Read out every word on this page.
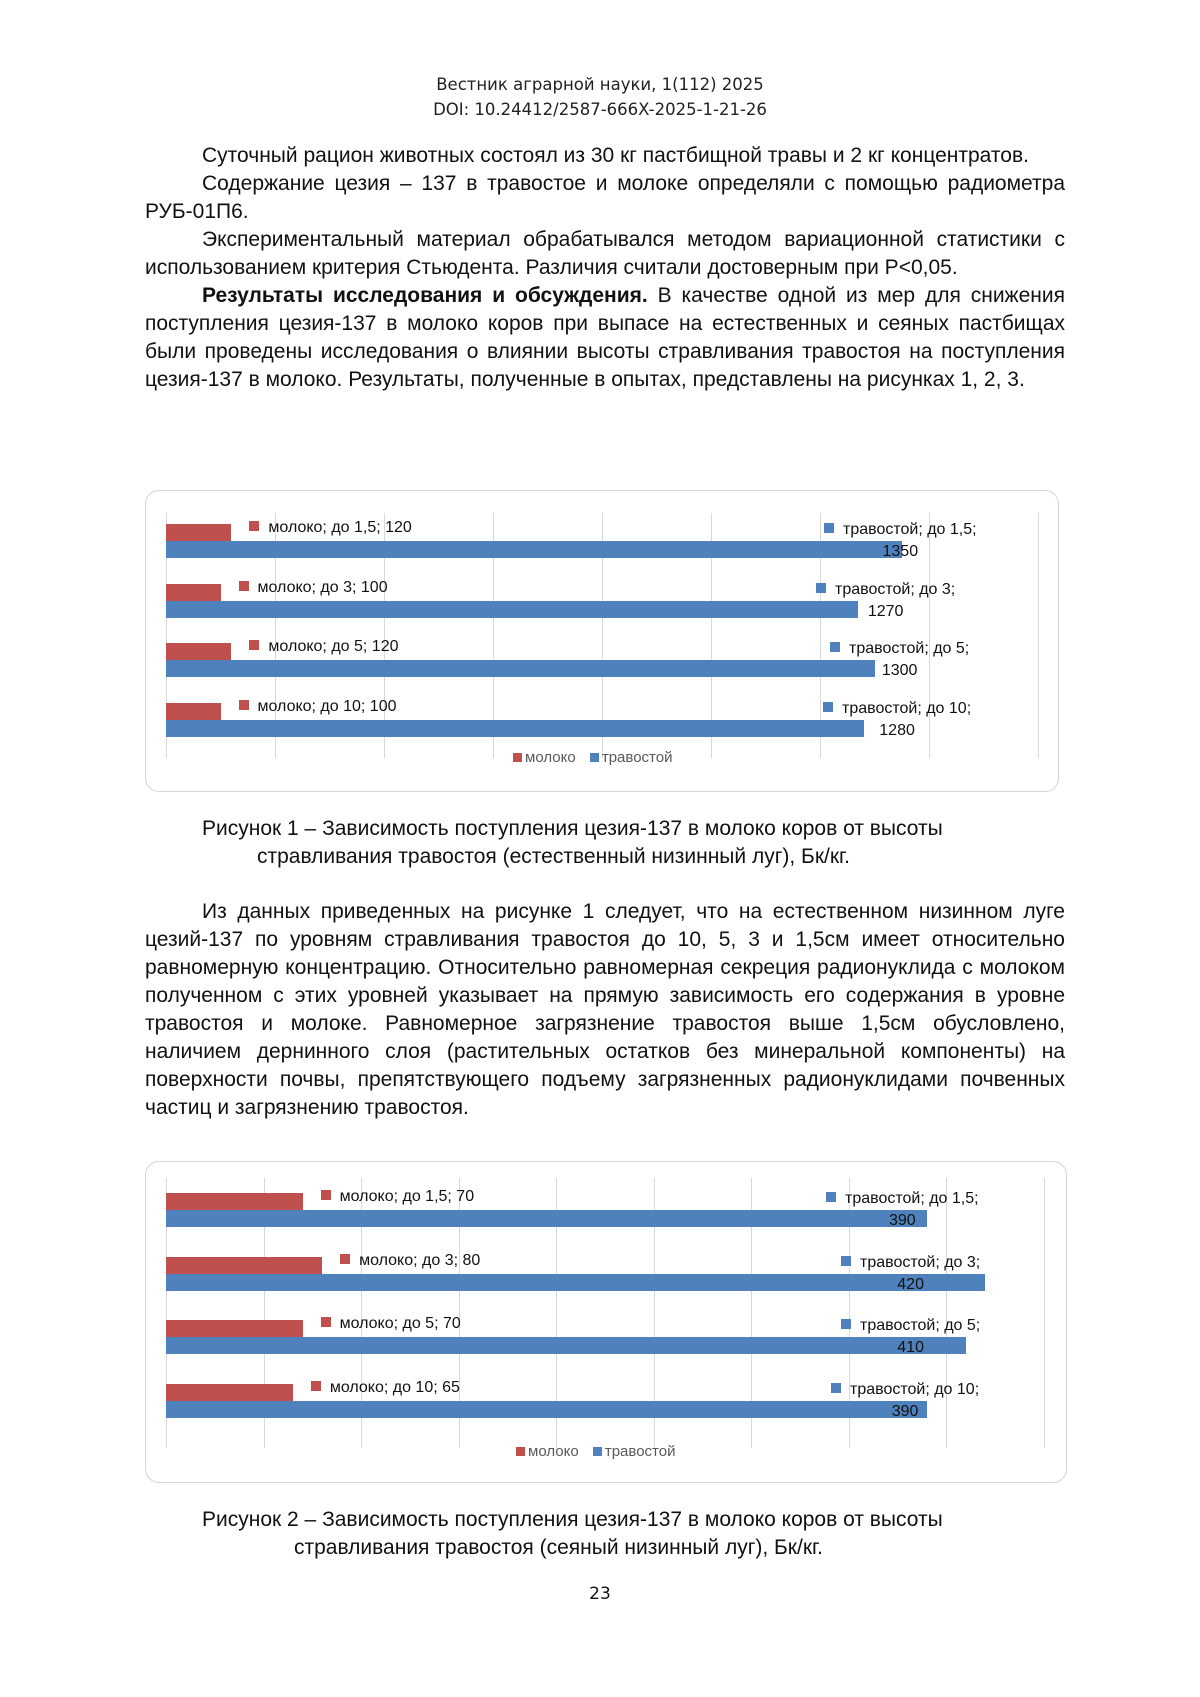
Вестник аграрной науки, 1(112) 2025
DOI: 10.24412/2587-666X-2025-1-21-26

Суточный рацион животных состоял из 30 кг пастбищной травы и 2 кг концентратов.

Содержание цезия – 137 в травостое и молоке определяли с помощью радиометра РУБ-01П6.

Экспериментальный материал обрабатывался методом вариационной статистики с использованием критерия Стьюдента. Различия считали достоверным при P<0,05.

Результаты исследования и обсуждения. В качестве одной из мер для снижения поступления цезия-137 в молоко коров при выпасе на естественных и сеяных пастбищах были проведены исследования о влиянии высоты стравливания травостоя на поступления цезия-137 в молоко. Результаты, полученные в опытах, представлены на рисунках 1, 2, 3.

молоко; до 1,5; 120	травостой; до 1,5;
1350
молоко; до 3; 100	травостой; до 3;
1270
молоко; до 5; 120	травостой; до 5;
1300
молоко; до 10; 100	травостой; до 10;
1280
молоко травостой
Рисунок 1 – Зависимость поступления цезия-137 в молоко коров от высоты
стравливания травостоя (естественный низинный луг), Бк/кг.

Из данных приведенных на рисунке 1 следует, что на естественном низинном луге цезий-137 по уровням стравливания травостоя до 10, 5, 3 и 1,5см имеет относительно равномерную концентрацию. Относительно равномерная секреция радионуклида с молоком полученном с этих уровней указывает на прямую зависимость его содержания в уровне травостоя и молоке. Равномерное загрязнение травостоя выше 1,5см обусловлено, наличием дернинного слоя (растительных остатков без минеральной компоненты) на поверхности почвы, препятствующего подъему загрязненных радионуклидами почвенных частиц и загрязнению травостоя.

молоко; до 1,5; 70	травостой; до 1,5;
390
молоко; до 3; 80	травостой; до 3;
420
молоко; до 5; 70	травостой; до 5;
410
молоко; до 10; 65	травостой; до 10;
390
молоко травостой
Рисунок 2 – Зависимость поступления цезия-137 в молоко коров от высоты
стравливания травостоя (сеяный низинный луг), Бк/кг.
23
